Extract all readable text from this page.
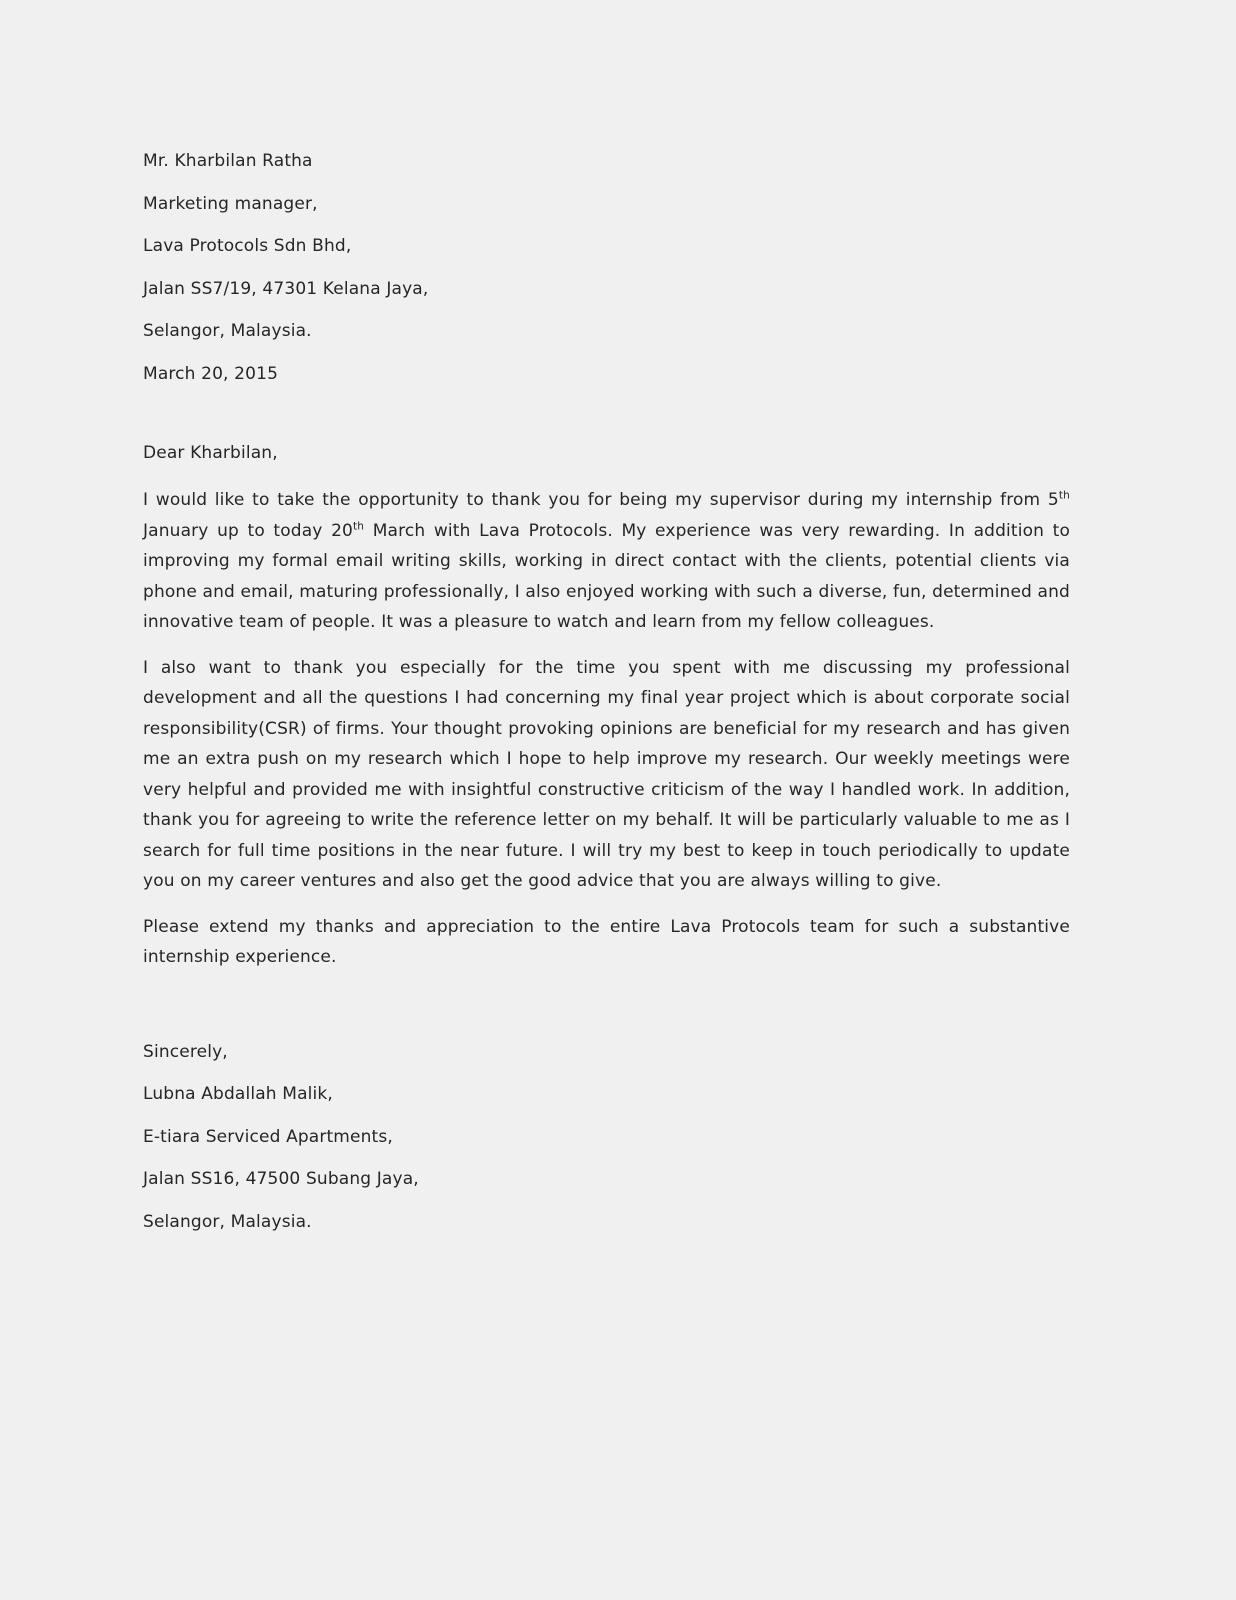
Mr. Kharbilan Ratha
Marketing manager,
Lava Protocols Sdn Bhd,
Jalan SS7/19, 47301 Kelana Jaya,
Selangor, Malaysia.
March 20, 2015
Dear Kharbilan,

I would like to take the opportunity to thank you for being my supervisor during my internship from 5th January up to today 20th March with Lava Protocols. My experience was very rewarding. In addition to improving my formal email writing skills, working in direct contact with the clients, potential clients via phone and email, maturing professionally, I also enjoyed working with such a diverse, fun, determined and innovative team of people. It was a pleasure to watch and learn from my fellow colleagues.

I also want to thank you especially for the time you spent with me discussing my professional development and all the questions I had concerning my final year project which is about corporate social responsibility(CSR) of firms. Your thought provoking opinions are beneficial for my research and has given me an extra push on my research which I hope to help improve my research. Our weekly meetings were very helpful and provided me with insightful constructive criticism of the way I handled work. In addition, thank you for agreeing to write the reference letter on my behalf. It will be particularly valuable to me as I search for full time positions in the near future. I will try my best to keep in touch periodically to update you on my career ventures and also get the good advice that you are always willing to give.

Please extend my thanks and appreciation to the entire Lava Protocols team for such a substantive internship experience.

Sincerely,
Lubna Abdallah Malik,
E-tiara Serviced Apartments,
Jalan SS16, 47500 Subang Jaya,
Selangor, Malaysia.
